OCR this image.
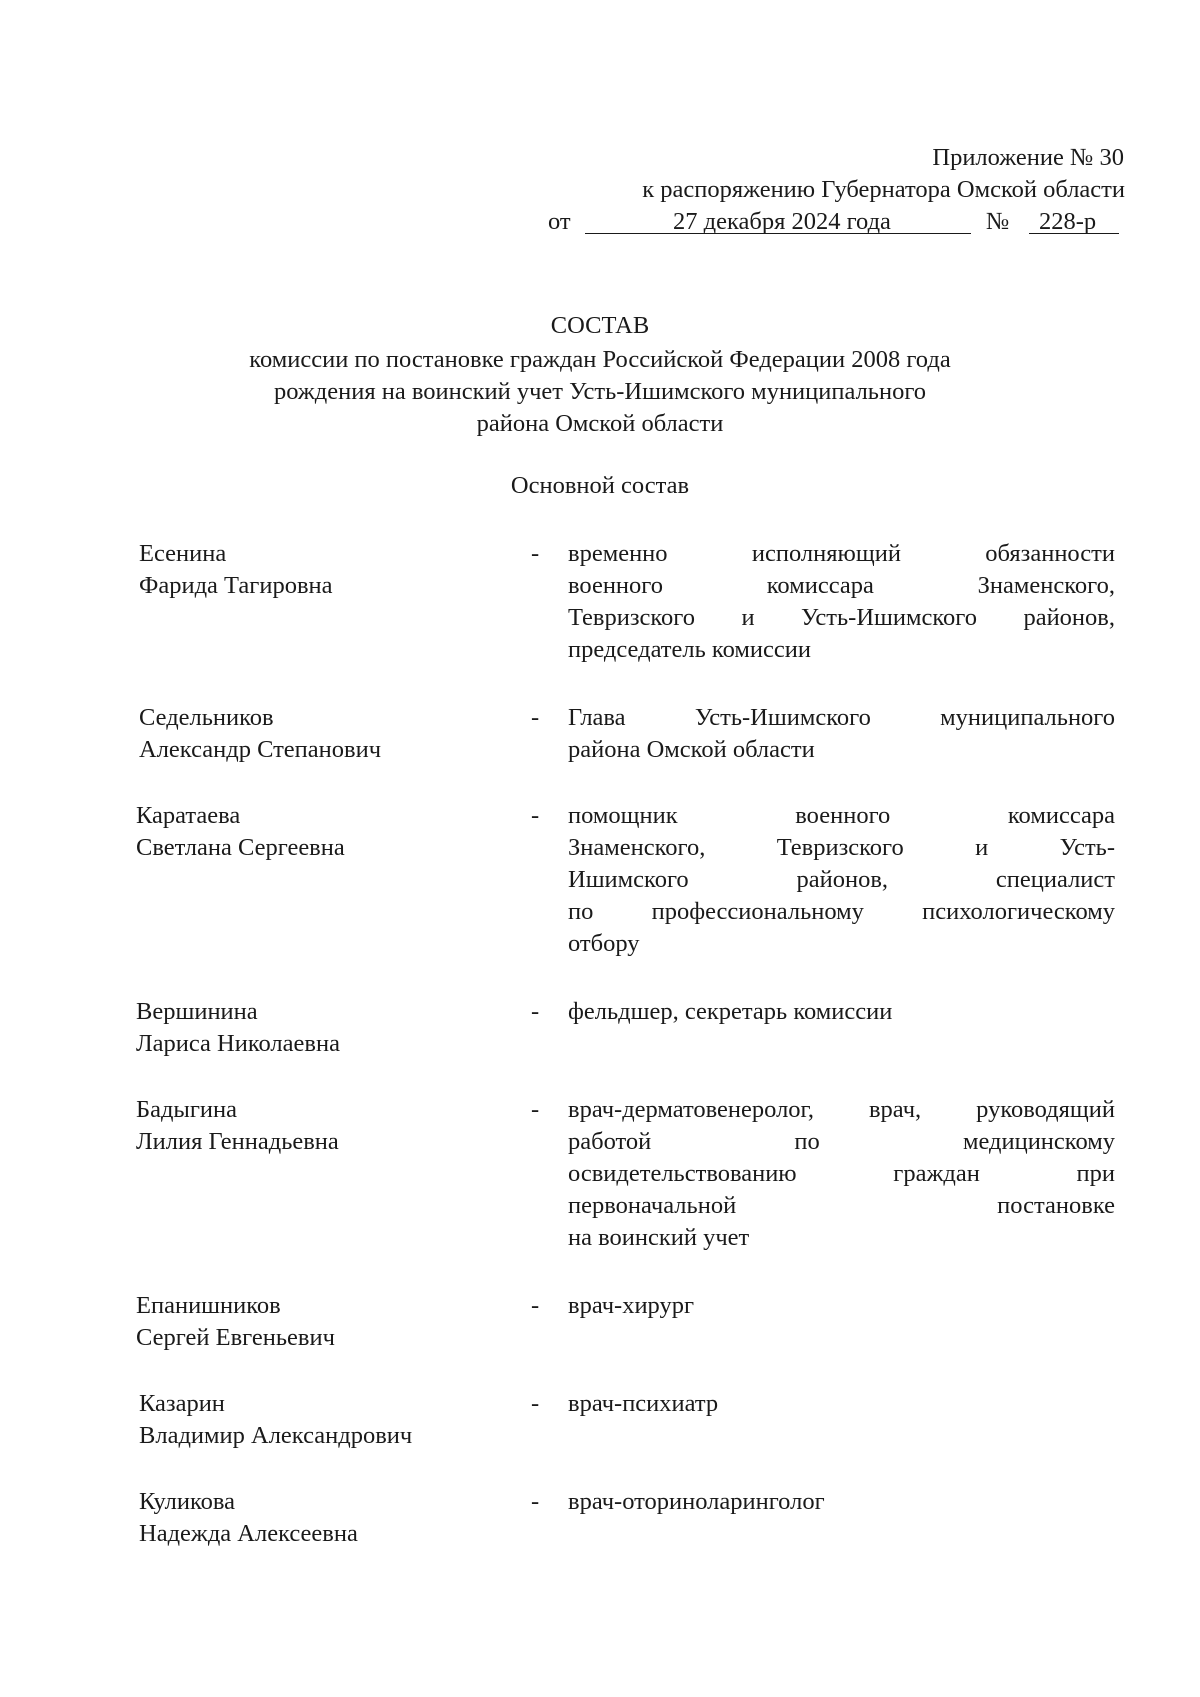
Приложение № 30
к распоряжению Губернатора Омской области
от	27 декабря 2024 года	№ 228-р
СОСТАВ
комиссии по постановке граждан Российской Федерации 2008 года
рождения на воинский учет Усть-Ишимского муниципального
района Омской области
Основной состав
Есенина
Фарида Тагировна
- временно исполняющий обязанности
военного комиссара Знаменского,
Тевризского и Усть-Ишимского районов,
председатель комиссии
Седельников
Александр Степанович
- Глава Усть-Ишимского муниципального
района Омской области
Каратаева
Светлана Сергеевна
- помощник военного комиссара
Знаменского, Тевризского и Усть-
Ишимского районов, специалист
по профессиональному психологическому
отбору
Вершинина
Лариса Николаевна
- фельдшер, секретарь комиссии
Бадыгина
Лилия Геннадьевна
- врач-дерматовенеролог, врач, руководящий
работой по медицинскому
освидетельствованию граждан при
первоначальной постановке
на воинский учет
Епанишников
Сергей Евгеньевич
- врач-хирург
Казарин
Владимир Александрович
- врач-психиатр
Куликова
Надежда Алексеевна
- врач-оториноларинголог
